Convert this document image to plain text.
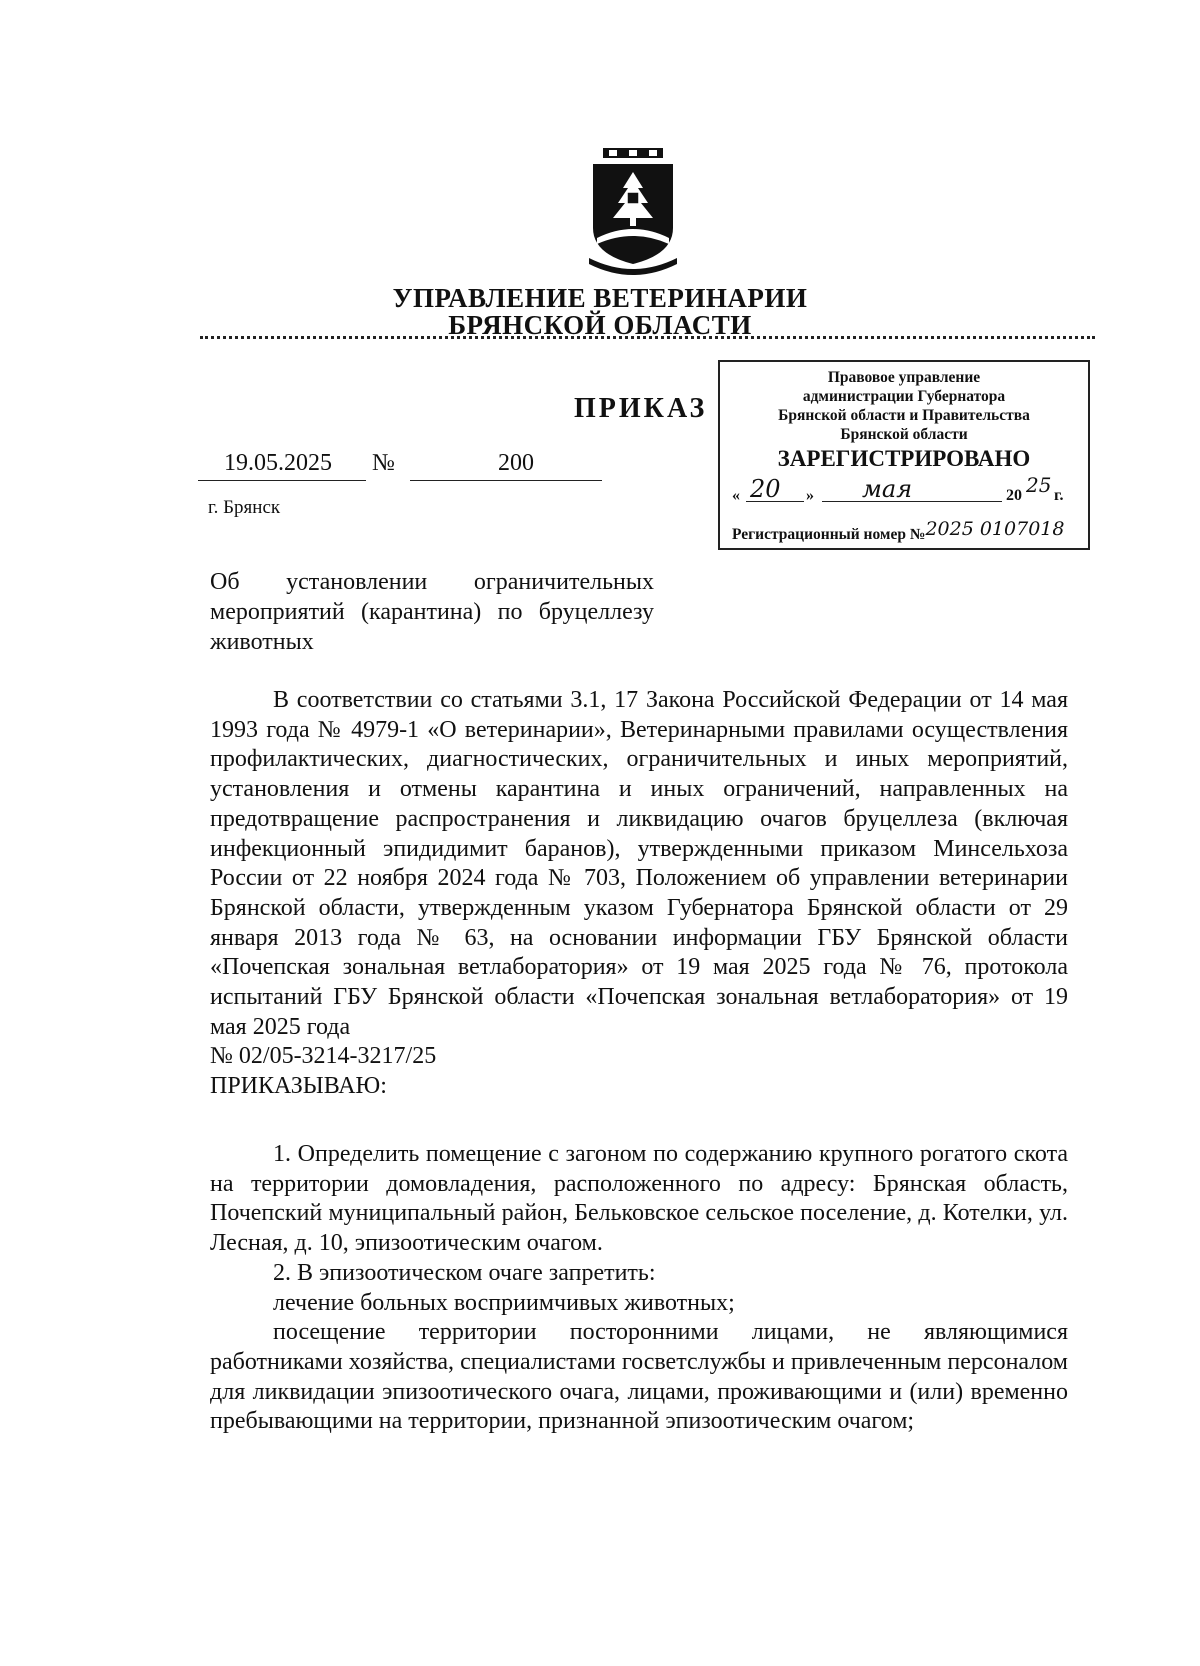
УПРАВЛЕНИЕ ВЕТЕРИНАРИИ
БРЯНСКОЙ ОБЛАСТИ
ПРИКАЗ
19.05.2025 №	200
г. Брянск
Правовое управление
администрации Губернатора
Брянской области и Правительства
Брянской области
ЗАРЕГИСТРИРОВАНО
« 20 » мая	20 25 г.
Регистрационный номер №2025 0107018
Об установлении ограничительных
мероприятий (карантина) по бруцеллезу
животных

В соответствии со статьями 3.1, 17 Закона Российской Федерации от 14 мая 1993 года № 4979-1 «О ветеринарии», Ветеринарными правилами осуществления профилактических, диагностических, ограничительных и иных мероприятий, установления и отмены карантина и иных ограничений, направленных на предотвращение распространения и ликвидацию очагов бруцеллеза (включая инфекционный эпидидимит баранов), утвержденными приказом Минсельхоза России от 22 ноября 2024 года № 703, Положением об управлении ветеринарии Брянской области, утвержденным указом Губернатора Брянской области от 29 января 2013 года № 63, на основании информации ГБУ Брянской области «Почепская зональная ветлаборатория» от 19 мая 2025 года № 76, протокола испытаний ГБУ Брянской области «Почепская зональная ветлаборатория» от 19 мая 2025 года

№ 02/05-3214-3217/25

ПРИКАЗЫВАЮ:

1. Определить помещение с загоном по содержанию крупного рогатого скота на территории домовладения, расположенного по адресу: Брянская область, Почепский муниципальный район, Бельковское сельское поселение, д. Котелки, ул. Лесная, д. 10, эпизоотическим очагом.

2. В эпизоотическом очаге запретить:

лечение больных восприимчивых животных;

посещение территории посторонними лицами, не являющимися работниками хозяйства, специалистами госветслужбы и привлеченным персоналом для ликвидации эпизоотического очага, лицами, проживающими и (или) временно пребывающими на территории, признанной эпизоотическим очагом;
